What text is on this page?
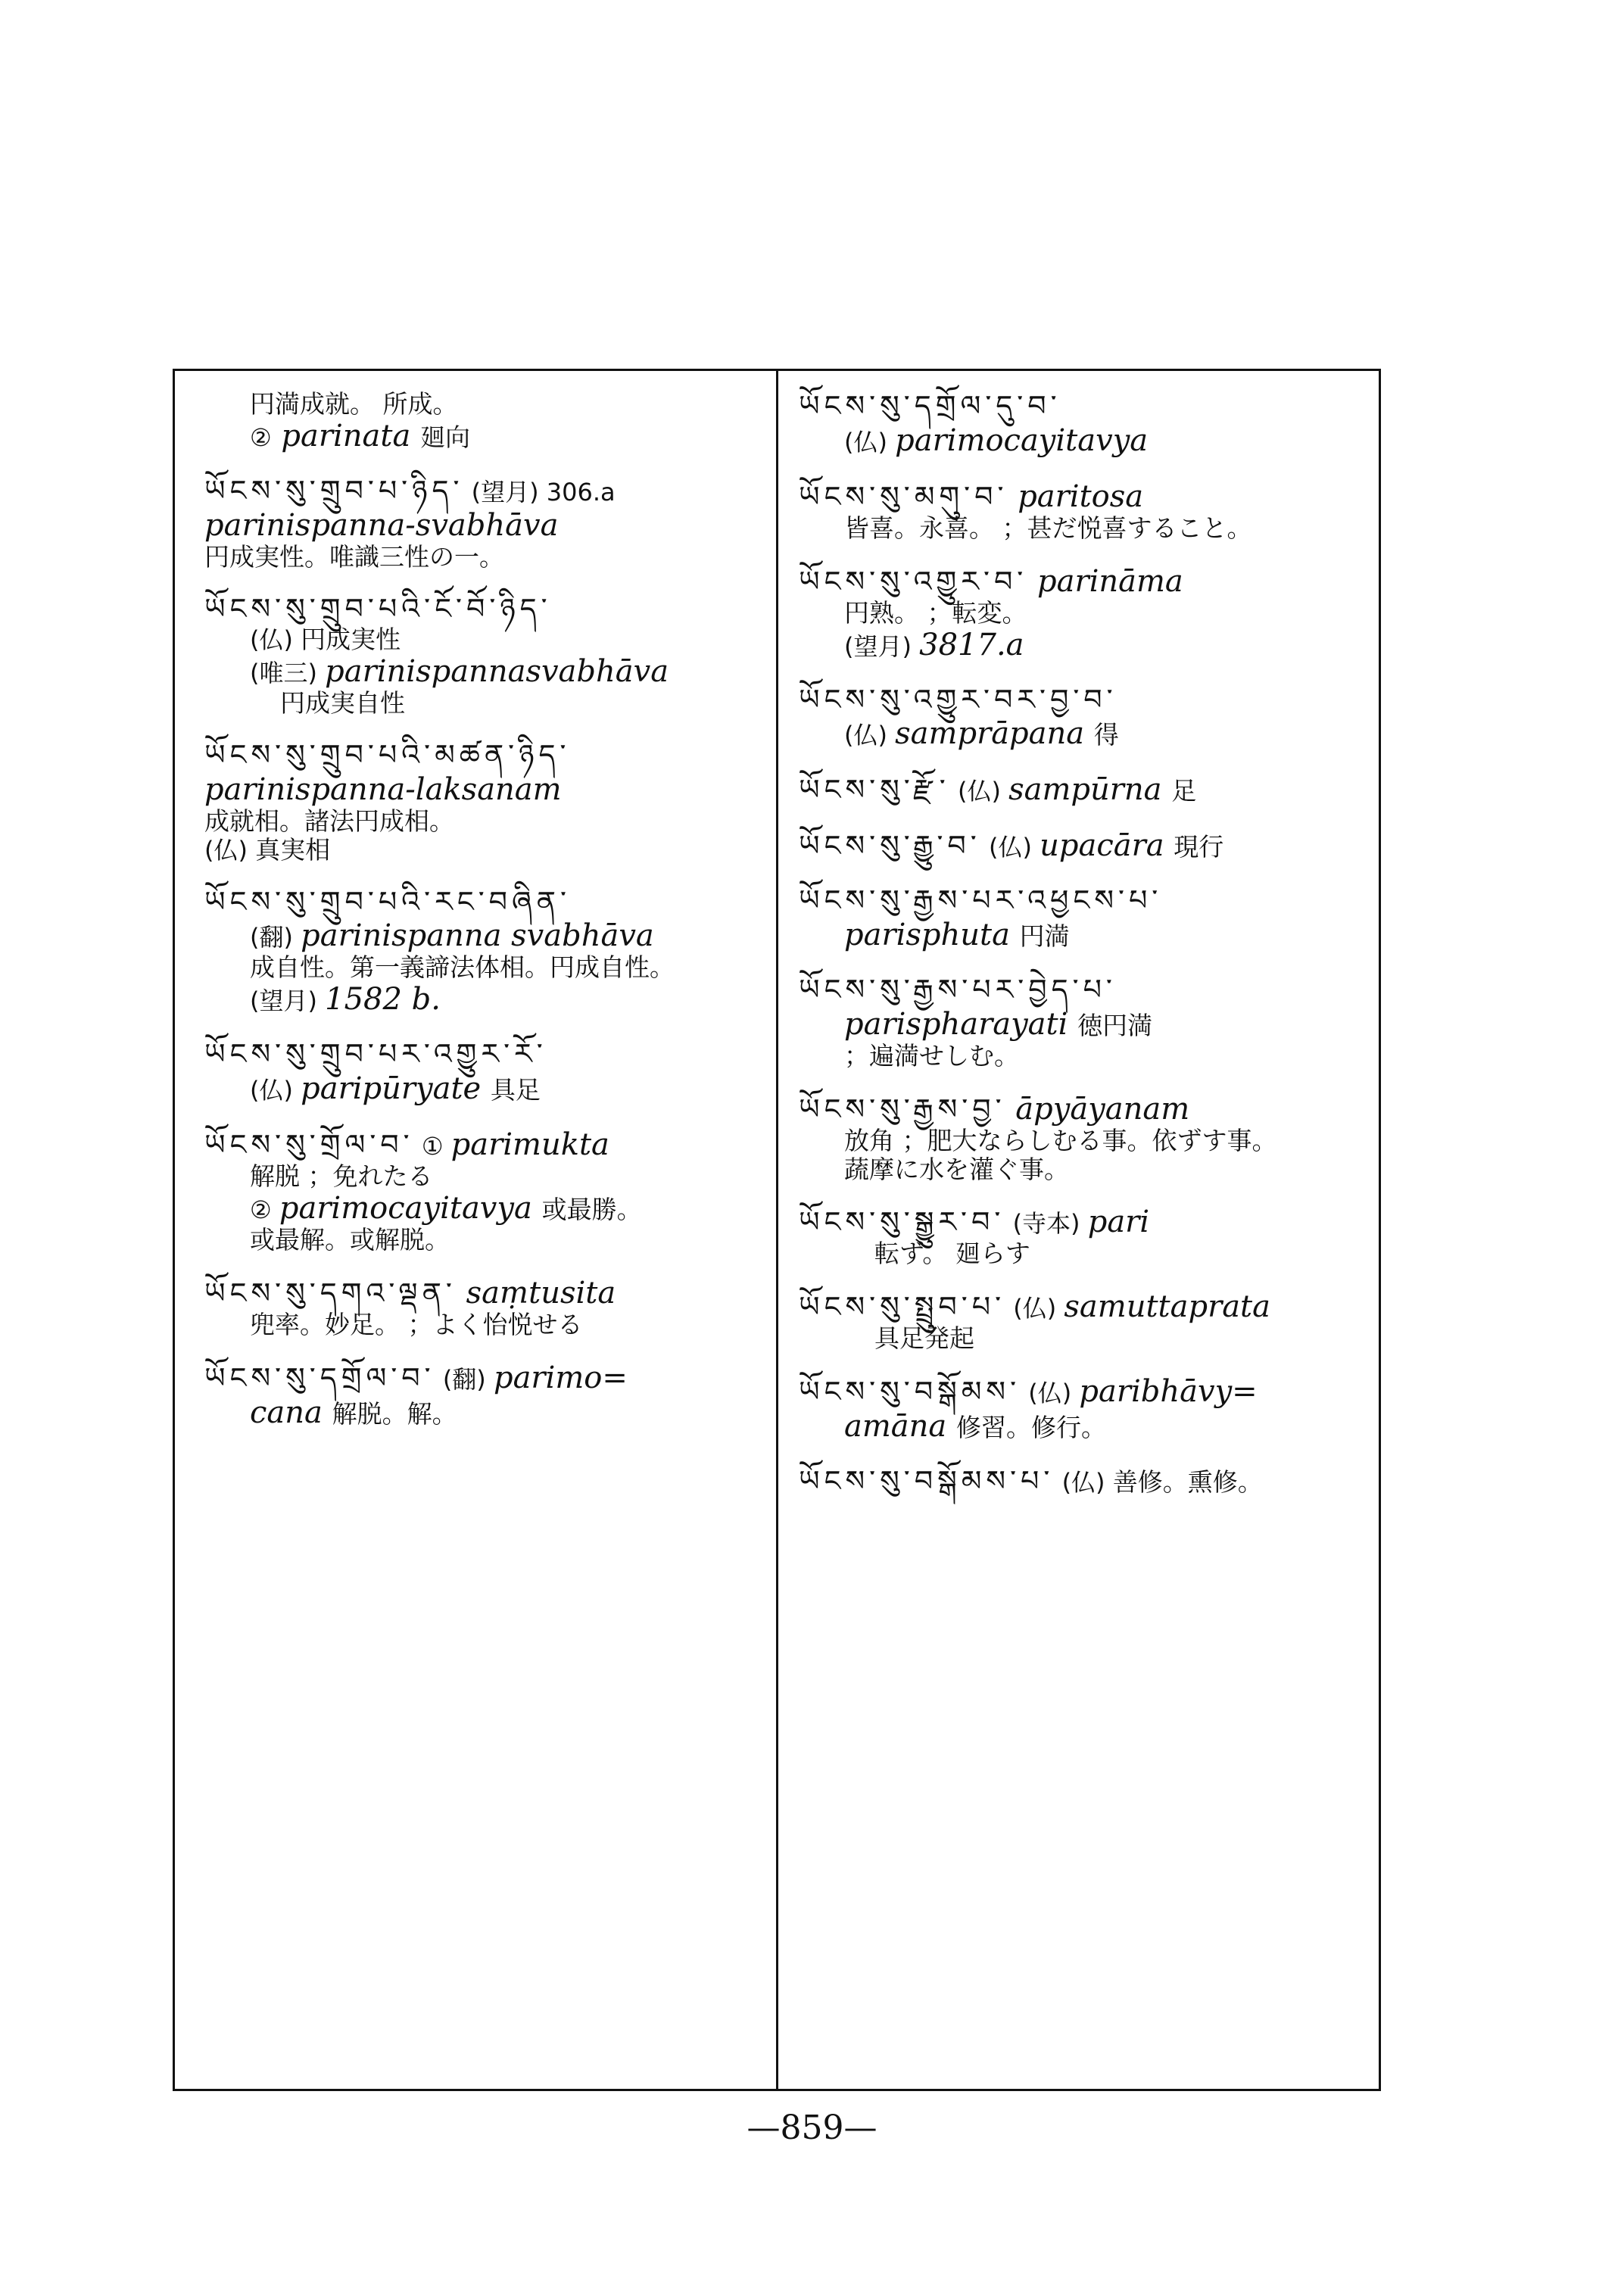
円満成就。 所成。
② parinata 廻向
ཡོངས་སུ་གྲུབ་པ་ཉིད་ (望月) 306.a
parinispanna-svabhāva
円成実性。唯識三性の一。
ཡོངས་སུ་གྲུབ་པའི་ངོ་བོ་ཉིད་
(仏) 円成実性
(唯三) parinispannasvabhāva
円成実自性
ཡོངས་སུ་གྲུབ་པའི་མཚན་ཉིད་
parinispanna-laksanam
成就相。諸法円成相。
(仏) 真実相
ཡོངས་སུ་གྲུབ་པའི་རང་བཞིན་
(翻) parinispanna svabhāva
成自性。第一義諦法体相。円成自性。
(望月) 1582 b.
ཡོངས་སུ་གྲུབ་པར་འགྱུར་རོ་
(仏) paripūryate 具足
ཡོངས་སུ་གྲོལ་བ་ ① parimukta
解脱 ；免れたる
② parimocayitavya 或最勝。
或最解。或解脱。
ཡོངས་སུ་དགའ་ལྡན་ saṃtusita
兜率。妙足。 ；よく怡悦せる
ཡོངས་སུ་དགྲོལ་བ་ (翻) parimo=
cana 解脱。解。
ཡོངས་སུ་དགྲོལ་དུ་བ་
(仏) parimocayitavya
ཡོངས་སུ་མགུ་བ་ paritosa
皆喜。永喜。 ；甚だ悦喜すること。
ཡོངས་སུ་འགྱུར་བ་ parināma
円熟。 ；転変。
(望月) 3817.a
ཡོངས་སུ་འགྱུར་བར་བྱ་བ་
(仏) samprāpana 得
ཡོངས་སུ་རྫོ་ (仏) sampūrna 足
ཡོངས་སུ་རྒྱུ་བ་ (仏) upacāra 現行
ཡོངས་སུ་རྒྱས་པར་འཕྱངས་པ་
parisphuta 円満
ཡོངས་སུ་རྒྱས་པར་བྱེད་པ་
parispharayati 徳円満
；遍満せしむ。
ཡོངས་སུ་རྒྱས་བྱ་ āpyāyanam
放角 ；肥大ならしむる事。依ずす事。
蔬摩に水を灌ぐ事。
ཡོངས་སུ་སྒྱུར་བ་ (寺本) pari
転ず。 廻らす
ཡོངས་སུ་སྤྲུབ་པ་ (仏) samuttaprata
具足発起
ཡོངས་སུ་བསྒོམས་ (仏) paribhāvy=
amāna 修習。修行。
ཡོངས་སུ་བསྒོམས་པ་ (仏) 善修。熏修。
—859—
